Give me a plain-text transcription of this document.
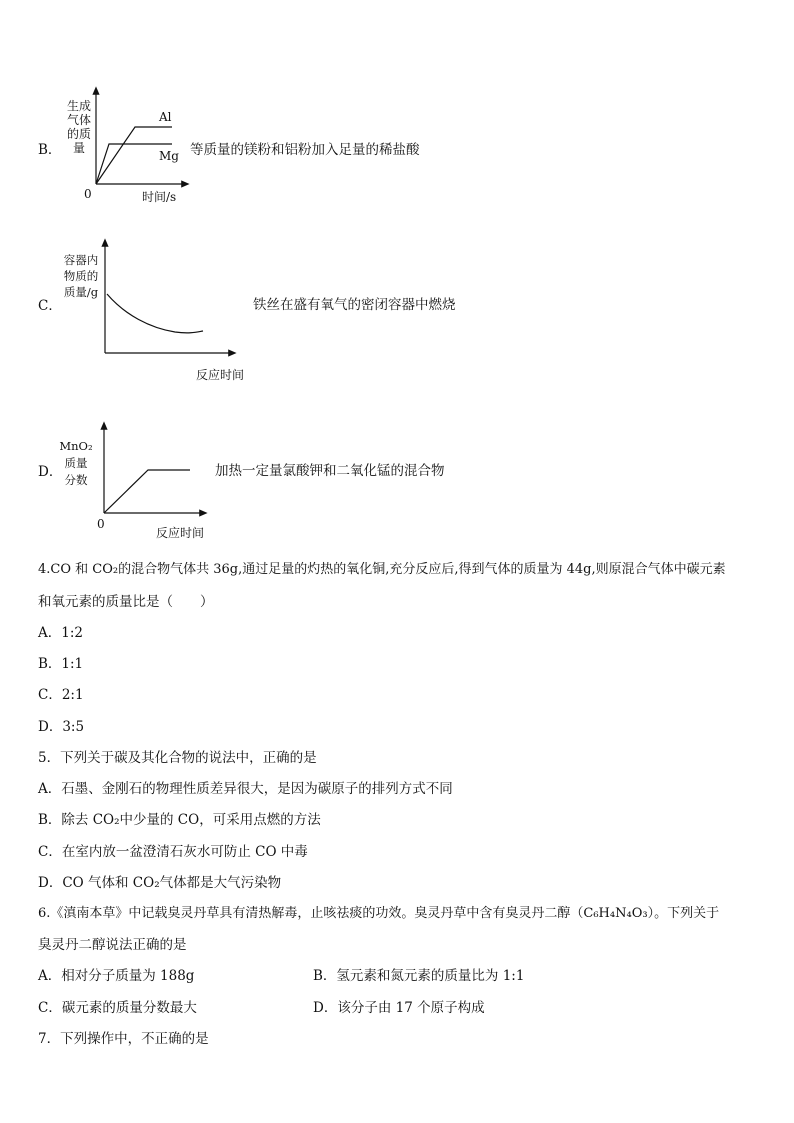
B．
生成
气体
的质
量
Al
Mg
0	时间/s
等质量的镁粉和铝粉加入足量的稀盐酸
C．
容器内
物质的
质量/g
反应时间
铁丝在盛有氧气的密闭容器中燃烧
D．
MnO₂
质量
分数
0
反应时间
加热一定量氯酸钾和二氧化锰的混合物
4.CO 和 CO₂的混合物气体共 36g,通过足量的灼热的氧化铜,充分反应后,得到气体的质量为 44g,则原混合气体中碳元素
和氧元素的质量比是（　　）
A．1:2
B．1:1
C．2:1
D．3:5
5．下列关于碳及其化合物的说法中，正确的是
A．石墨、金刚石的物理性质差异很大，是因为碳原子的排列方式不同
B．除去 CO₂中少量的 CO，可采用点燃的方法
C．在室内放一盆澄清石灰水可防止 CO 中毒
D．CO 气体和 CO₂气体都是大气污染物
6.《滇南本草》中记载臭灵丹草具有清热解毒，止咳祛痰的功效。臭灵丹草中含有臭灵丹二醇（C₆H₄N₄O₃）。下列关于
臭灵丹二醇说法正确的是
A．相对分子质量为 188g	B．氢元素和氮元素的质量比为 1:1
C．碳元素的质量分数最大	D．该分子由 17 个原子构成
7．下列操作中，不正确的是
